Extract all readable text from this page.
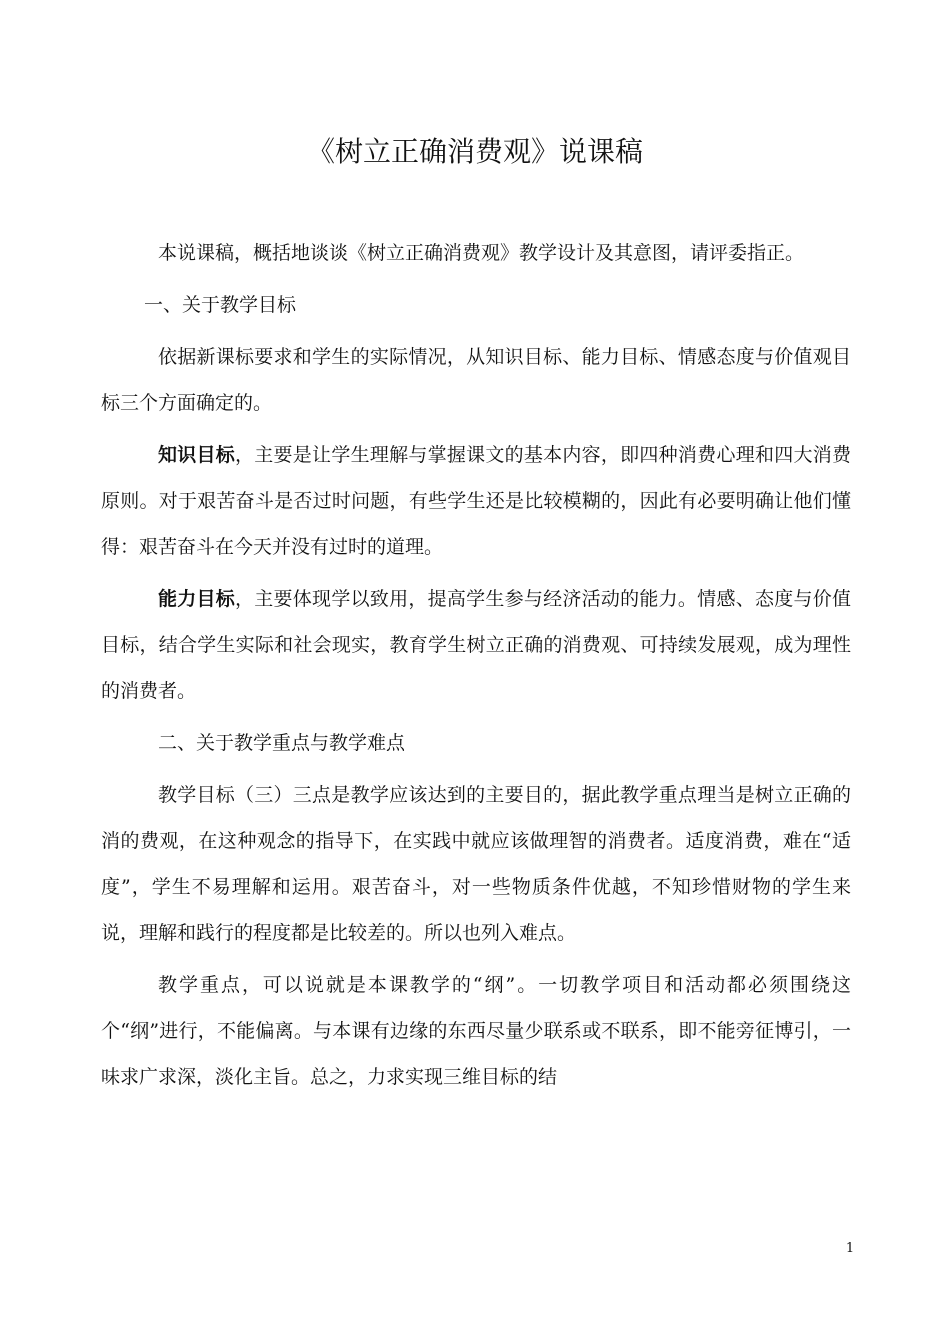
《树立正确消费观》说课稿

本说课稿，概括地谈谈《树立正确消费观》教学设计及其意图，请评委指正。

一、关于教学目标

依据新课标要求和学生的实际情况，从知识目标、能力目标、情感态度与价值观目标三个方面确定的。

知识目标，主要是让学生理解与掌握课文的基本内容，即四种消费心理和四大消费原则。对于艰苦奋斗是否过时问题，有些学生还是比较模糊的，因此有必要明确让他们懂得：艰苦奋斗在今天并没有过时的道理。

能力目标，主要体现学以致用，提高学生参与经济活动的能力。情感、态度与价值目标，结合学生实际和社会现实，教育学生树立正确的消费观、可持续发展观，成为理性的消费者。

二、关于教学重点与教学难点

教学目标（三）三点是教学应该达到的主要目的，据此教学重点理当是树立正确的消的费观，在这种观念的指导下，在实践中就应该做理智的消费者。适度消费，难在“适度”，学生不易理解和运用。艰苦奋斗，对一些物质条件优越，不知珍惜财物的学生来说，理解和践行的程度都是比较差的。所以也列入难点。

教学重点，可以说就是本课教学的“纲”。一切教学项目和活动都必须围绕这个“纲”进行，不能偏离。与本课有边缘的东西尽量少联系或不联系，即不能旁征博引，一味求广求深，淡化主旨。总之，力求实现三维目标的结

1
